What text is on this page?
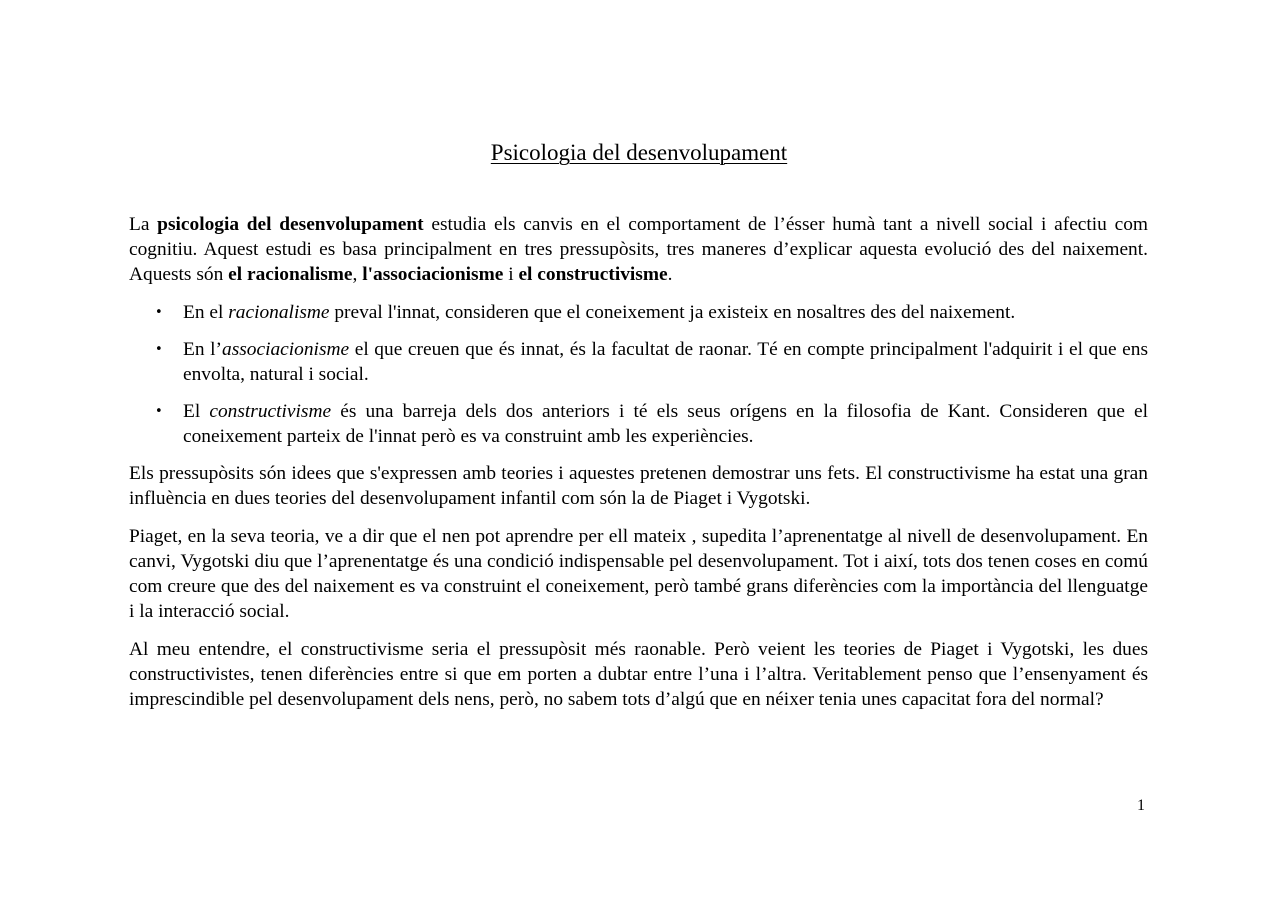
Psicologia del desenvolupament

La psicologia del desenvolupament estudia els canvis en el comportament de l’ésser humà tant a nivell social i afectiu com cognitiu. Aquest estudi es basa principalment en tres pressupòsits, tres maneres d’explicar aquesta evolució des del naixement. Aquests són el racionalisme, l'associacionisme i el constructivisme.

• En el racionalisme preval l'innat, consideren que el coneixement ja existeix en nosaltres des del naixement.
• En l’associacionisme el que creuen que és innat, és la facultat de raonar. Té en compte principalment l'adquirit i el que ens envolta, natural i social.
• El constructivisme és una barreja dels dos anteriors i té els seus orígens en la filosofia de Kant. Consideren que el coneixement parteix de l'innat però es va construint amb les experiències.

Els pressupòsits són idees que s'expressen amb teories i aquestes pretenen demostrar uns fets. El constructivisme ha estat una gran influència en dues teories del desenvolupament infantil com són la de Piaget i Vygotski.

Piaget, en la seva teoria, ve a dir que el nen pot aprendre per ell mateix , supedita l’aprenentatge al nivell de desenvolupament. En canvi, Vygotski diu que l’aprenentatge és una condició indispensable pel desenvolupament. Tot i així, tots dos tenen coses en comú com creure que des del naixement es va construint el coneixement, però també grans diferències com la importància del llenguatge i la interacció social.

Al meu entendre, el constructivisme seria el pressupòsit més raonable. Però veient les teories de Piaget i Vygotski, les dues constructivistes, tenen diferències entre si que em porten a dubtar entre l’una i l’altra. Veritablement penso que l’ensenyament és imprescindible pel desenvolupament dels nens, però, no sabem tots d’algú que en néixer tenia unes capacitat fora del normal?

1
